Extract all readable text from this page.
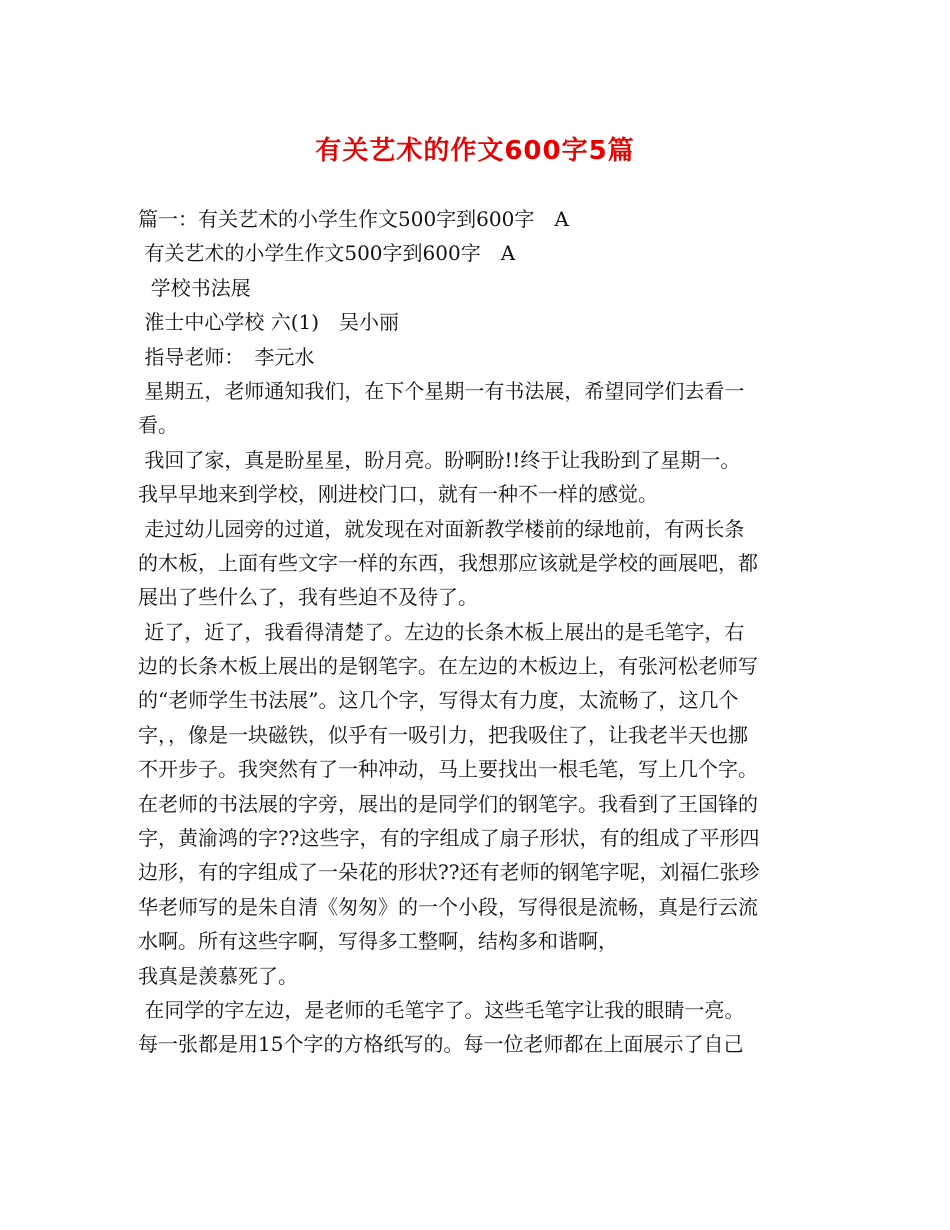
有关艺术的作文600字5篇
篇一：有关艺术的小学生作文500字到600字　A
有关艺术的小学生作文500字到600字　A
学校书法展
淮士中心学校 六(1)　吴小丽
指导老师：　李元水
星期五，老师通知我们，在下个星期一有书法展，希望同学们去看一
看。
我回了家，真是盼星星，盼月亮。盼啊盼!!终于让我盼到了星期一。
我早早地来到学校，刚进校门口，就有一种不一样的感觉。
走过幼儿园旁的过道，就发现在对面新教学楼前的绿地前，有两长条
的木板，上面有些文字一样的东西，我想那应该就是学校的画展吧，都
展出了些什么了，我有些迫不及待了。
近了，近了，我看得清楚了。左边的长条木板上展出的是毛笔字，右
边的长条木板上展出的是钢笔字。在左边的木板边上，有张河松老师写
的“老师学生书法展”。这几个字，写得太有力度，太流畅了，这几个
字，，像是一块磁铁，似乎有一吸引力，把我吸住了，让我老半天也挪
不开步子。我突然有了一种冲动，马上要找出一根毛笔，写上几个字。
在老师的书法展的字旁，展出的是同学们的钢笔字。我看到了王国锋的
字，黄渝鸿的字??这些字，有的字组成了扇子形状，有的组成了平形四
边形，有的字组成了一朵花的形状??还有老师的钢笔字呢，刘福仁张珍
华老师写的是朱自清《匆匆》的一个小段，写得很是流畅，真是行云流
水啊。所有这些字啊，写得多工整啊，结构多和谐啊，
我真是羡慕死了。
在同学的字左边，是老师的毛笔字了。这些毛笔字让我的眼睛一亮。
每一张都是用15个字的方格纸写的。每一位老师都在上面展示了自己
